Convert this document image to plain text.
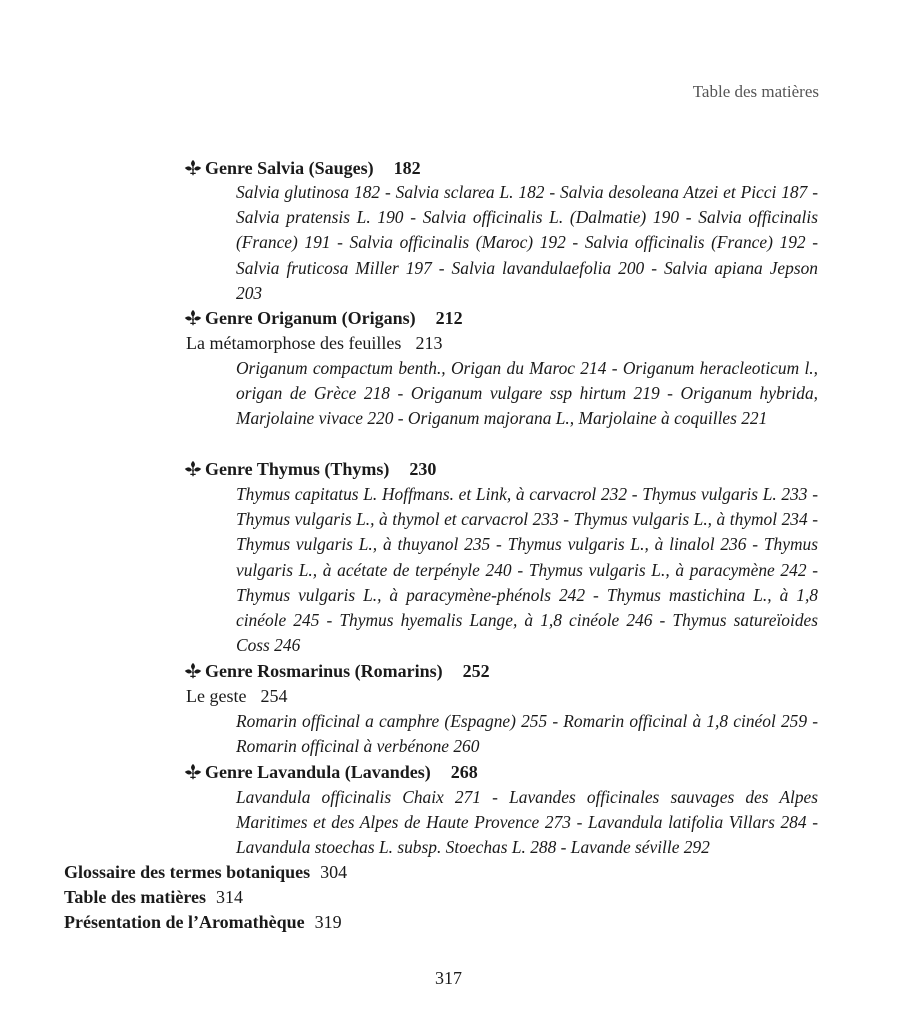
Table des matières
Genre Salvia (Sauges) 182
Salvia glutinosa 182 - Salvia sclarea L. 182 - Salvia desoleana Atzei et Picci 187 - Salvia pratensis L. 190 - Salvia officinalis L. (Dalmatie) 190 - Salvia officinalis (France) 191 - Salvia officinalis (Maroc) 192 - Salvia officinalis (France) 192 - Salvia fruticosa Miller 197 - Salvia lavandulaefolia 200 - Salvia apiana Jepson 203
Genre Origanum (Origans) 212
La métamorphose des feuilles 213
Origanum compactum benth., Origan du Maroc 214 - Origanum heracleoticum l., origan de Grèce 218 - Origanum vulgare ssp hirtum 219 - Origanum hybrida, Marjolaine vivace 220 - Origanum majorana L., Marjolaine à coquilles 221
Genre Thymus (Thyms) 230
Thymus capitatus L. Hoffmans. et Link, à carvacrol 232 - Thymus vulgaris L. 233 - Thymus vulgaris L., à thymol et carvacrol 233 - Thymus vulgaris L., à thymol 234 - Thymus vulgaris L., à thuyanol 235 - Thymus vulgaris L., à linalol 236 - Thymus vulgaris L., à acétate de terpényle 240 - Thymus vulgaris L., à paracymène 242 - Thymus vulgaris L., à paracymène-phénols 242 - Thymus mastichina L., à 1,8 cinéole 245 - Thymus hyemalis Lange, à 1,8 cinéole 246 - Thymus satureïoides Coss 246
Genre Rosmarinus (Romarins) 252
Le geste 254
Romarin officinal a camphre (Espagne) 255 - Romarin officinal à 1,8 cinéol 259 - Romarin officinal à verbénone 260
Genre Lavandula (Lavandes) 268
Lavandula officinalis Chaix 271 - Lavandes officinales sauvages des Alpes Maritimes et des Alpes de Haute Provence 273 - Lavandula latifolia Villars 284 - Lavandula stoechas L. subsp. Stoechas L. 288 - Lavande séville 292
Glossaire des termes botaniques 304
Table des matières 314
Présentation de l’Aromathèque 319
317
